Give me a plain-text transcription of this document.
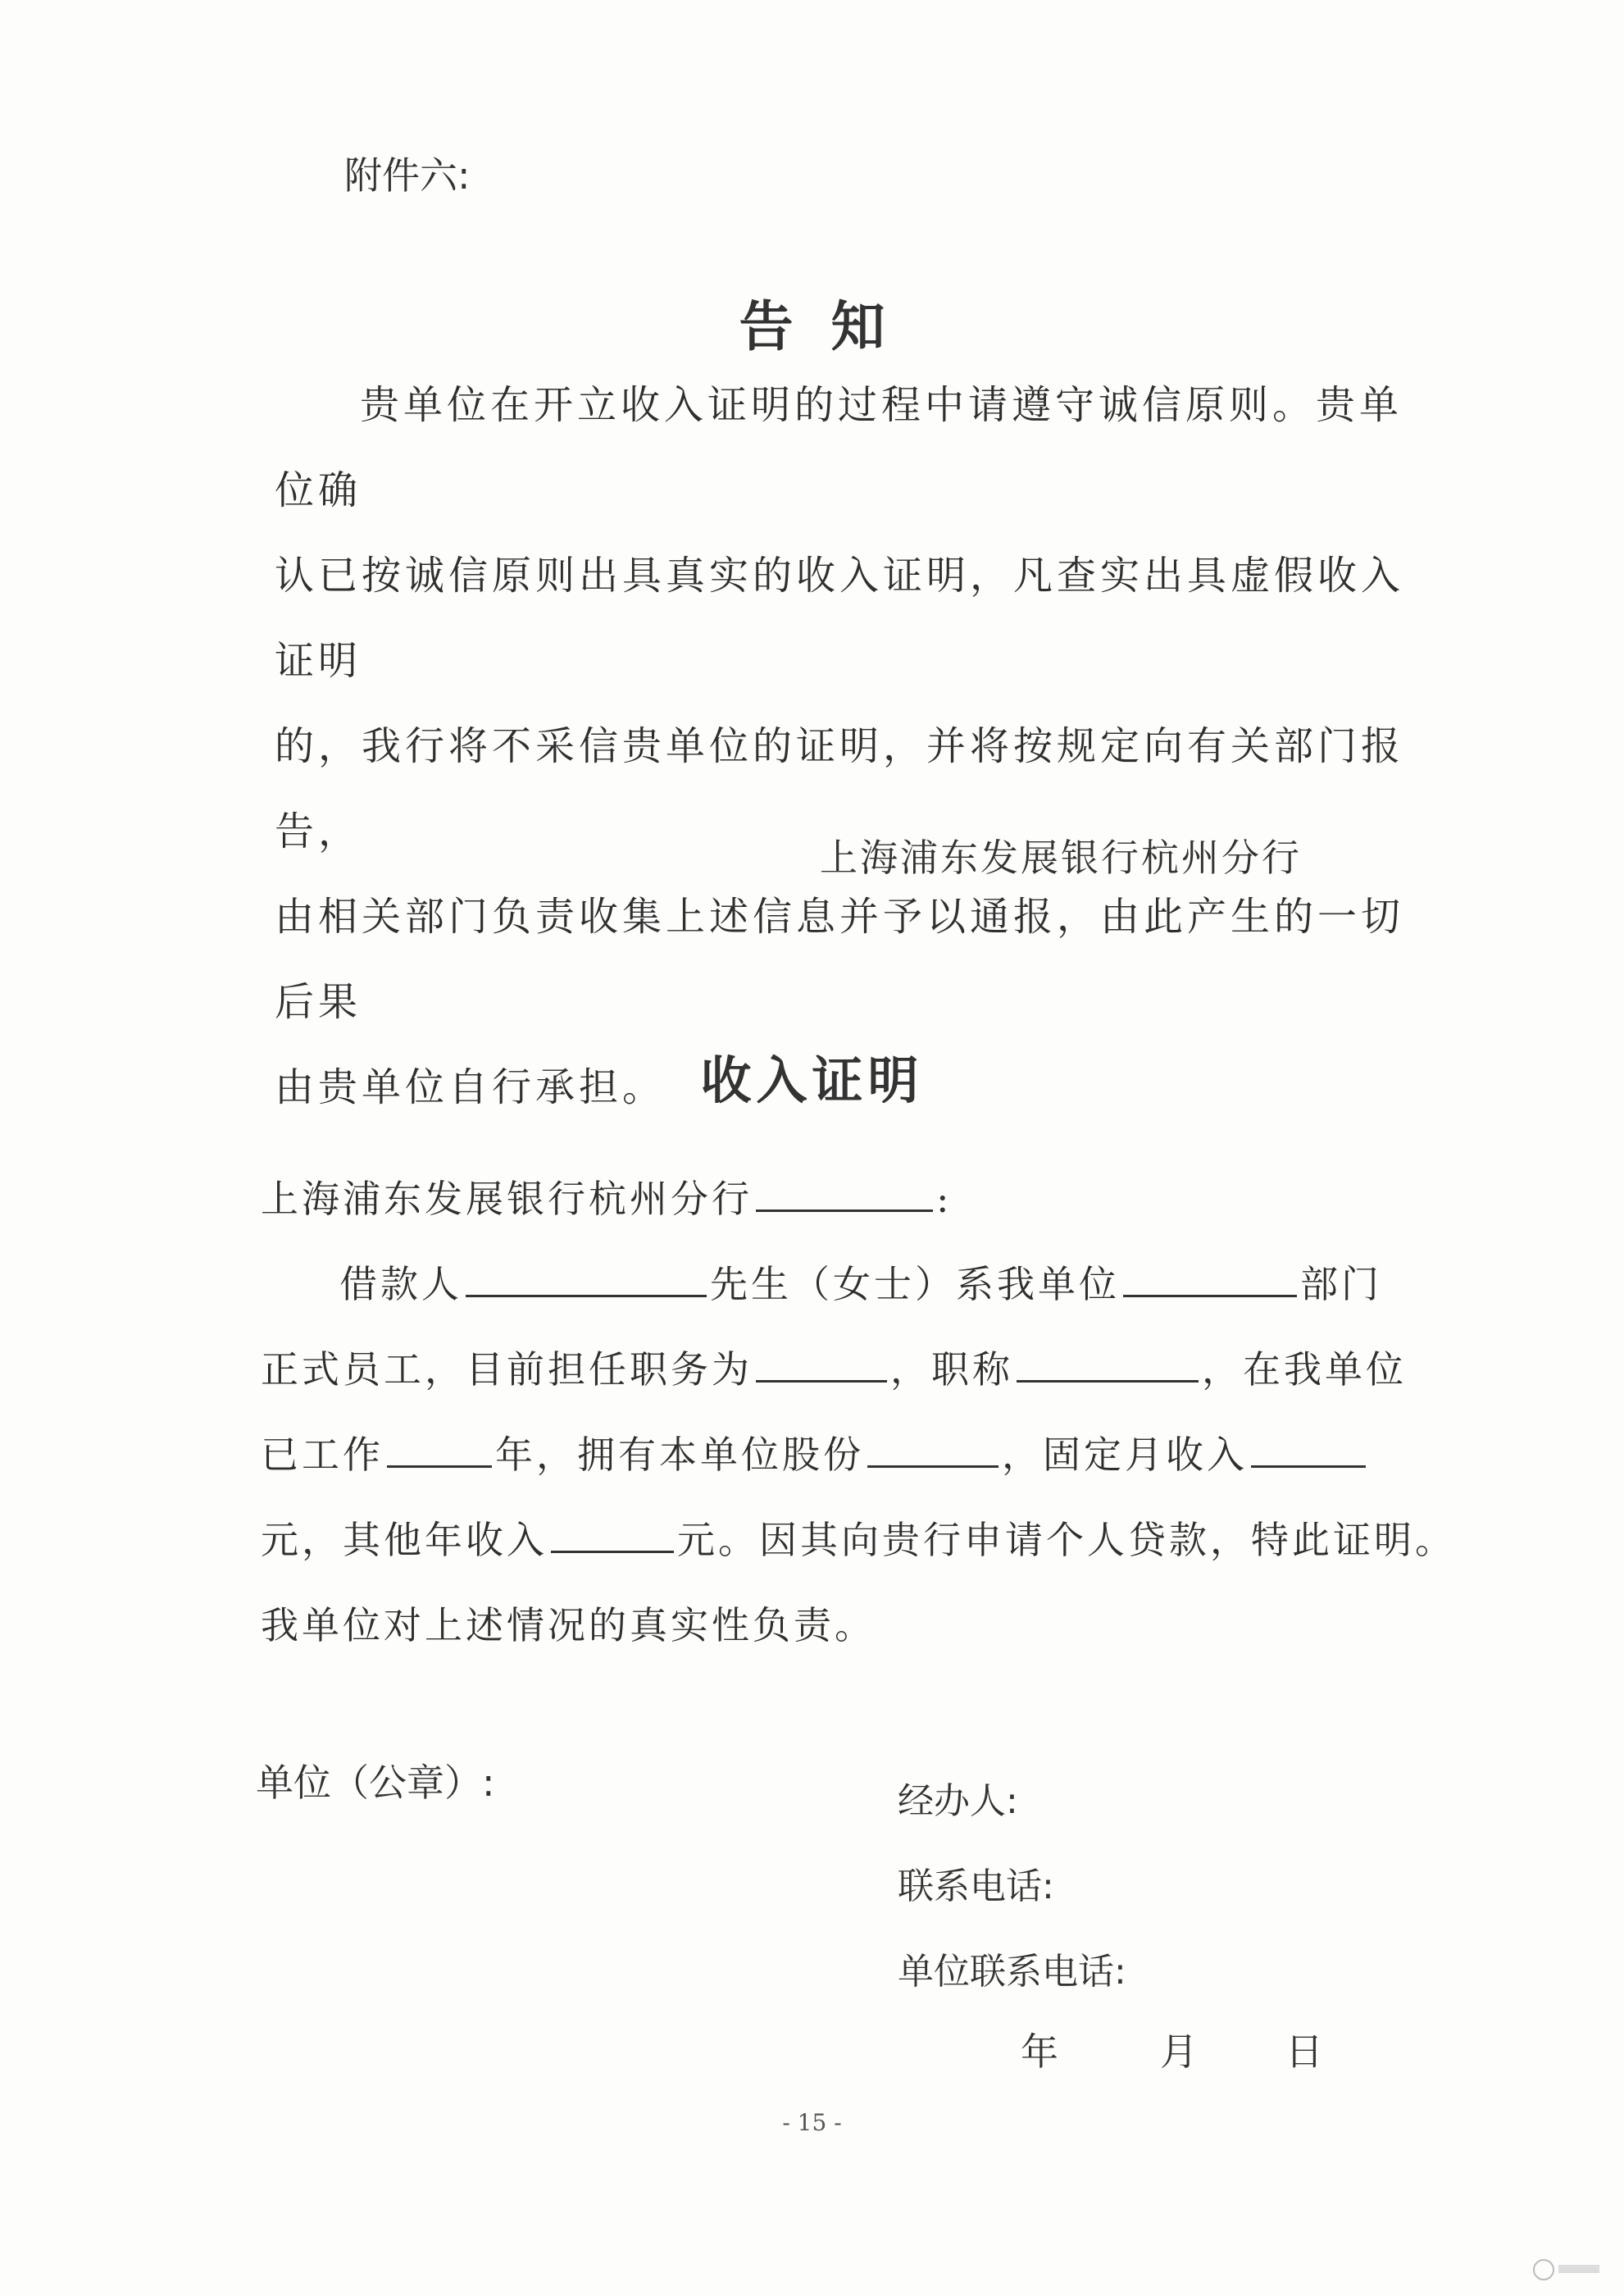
附件六:
告知
贵单位在开立收入证明的过程中请遵守诚信原则。贵单位确
认已按诚信原则出具真实的收入证明，凡查实出具虚假收入证明
的，我行将不采信贵单位的证明，并将按规定向有关部门报告，
由相关部门负责收集上述信息并予以通报，由此产生的一切后果
由贵单位自行承担。
上海浦东发展银行杭州分行
收入证明
上海浦东发展银行杭州分行	:
借款人	先生（女士）系我单位	部门
正式员工，目前担任职务为	，职称	，在我单位
已工作	年，拥有本单位股份	，固定月收入
元，其他年收入	元。因其向贵行申请个人贷款，特此证明。
我单位对上述情况的真实性负责。
单位（公章）:	经办人:
联系电话:
单位联系电话:
年	月 日
- 15 -
